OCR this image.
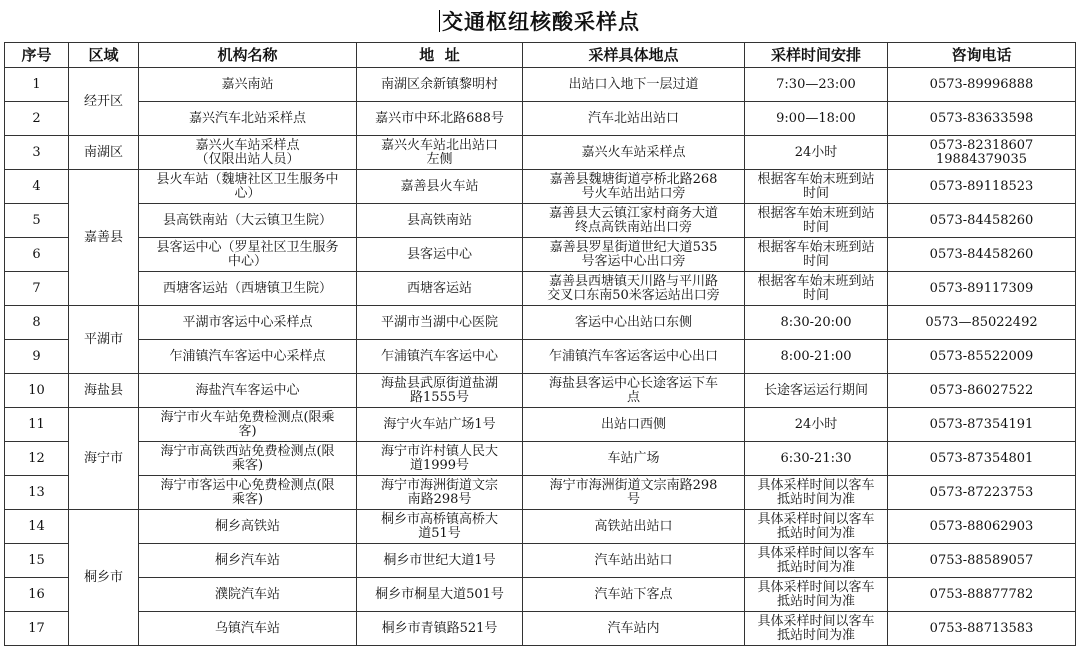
交通枢纽核酸采样点
序号	区域	机构名称	地  址	采样具体地点	采样时间安排	咨询电话
1	经开区	嘉兴南站	南湖区余新镇黎明村	出站口入地下一层过道	7:30—23:00	0573-89996888
2		嘉兴汽车北站采样点	嘉兴市中环北路688号	汽车北站出站口	9:00—18:00	0573-83633598
3	南湖区	嘉兴火车站采样点
（仅限出站人员）	嘉兴火车站北出站口
左侧	嘉兴火车站采样点	24小时	0573-82318607
19884379035
4	嘉善县	县火车站（魏塘社区卫生服务中
心）	嘉善县火车站	嘉善县魏塘街道亭桥北路268
号火车站出站口旁	根据客车始末班到站
时间	0573-89118523
5		县高铁南站（大云镇卫生院）	县高铁南站	嘉善县大云镇江家村商务大道
终点高铁南站出口旁	根据客车始末班到站
时间	0573-84458260
6		县客运中心（罗星社区卫生服务
中心）	县客运中心	嘉善县罗星街道世纪大道535
号客运中心出口旁	根据客车始末班到站
时间	0573-84458260
7		西塘客运站（西塘镇卫生院）	西塘客运站	嘉善县西塘镇天川路与平川路
交叉口东南50米客运站出口旁	根据客车始末班到站
时间	0573-89117309
8	平湖市	平湖市客运中心采样点	平湖市当湖中心医院	客运中心出站口东侧	8:30-20:00	0573—85022492
9		乍浦镇汽车客运中心采样点	乍浦镇汽车客运中心	乍浦镇汽车客运客运中心出口	8:00-21:00	0573-85522009
10	海盐县	海盐汽车客运中心	海盐县武原街道盐湖
路1555号	海盐县客运中心长途客运下车
点	长途客运运行期间	0573-86027522
11	海宁市	海宁市火车站免费检测点(限乘
客)	海宁火车站广场1号	出站口西侧	24小时	0573-87354191
12		海宁市高铁西站免费检测点(限
乘客)	海宁市许村镇人民大
道1999号	车站广场	6:30-21:30	0573-87354801
13		海宁市客运中心免费检测点(限
乘客)	海宁市海洲街道文宗
南路298号	海宁市海洲街道文宗南路298
号	具体采样时间以客车
抵站时间为准	0573-87223753
14	桐乡市	桐乡高铁站	桐乡市高桥镇高桥大
道51号	高铁站出站口	具体采样时间以客车
抵站时间为准	0573-88062903
15		桐乡汽车站	桐乡市世纪大道1号	汽车站出站口	具体采样时间以客车
抵站时间为准	0753-88589057
16		濮院汽车站	桐乡市桐星大道501号	汽车站下客点	具体采样时间以客车
抵站时间为准	0753-88877782
17		乌镇汽车站	桐乡市青镇路521号	汽车站内	具体采样时间以客车
抵站时间为准	0753-88713583
